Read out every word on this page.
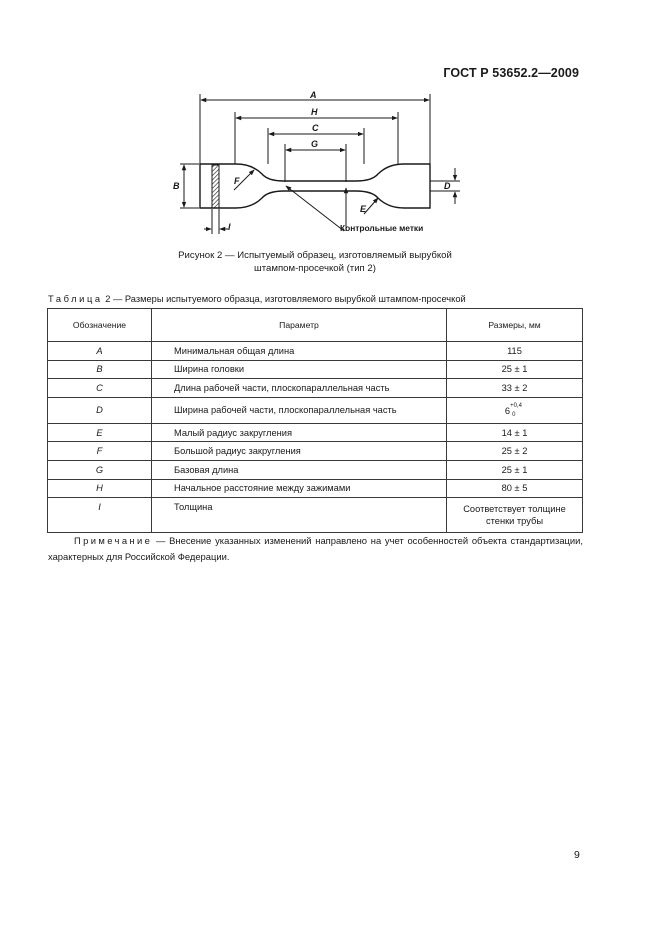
ГОСТ Р 53652.2—2009
A
H
C
G
B	F
E
D
I	Контрольные метки
Рисунок 2 — Испытуемый образец, изготовляемый вырубкой
штампом-просечкой (тип 2)
Таблица 2 — Размеры испытуемого образца, изготовляемого вырубкой штампом-просечкой
Обозначение	Параметр	Размеры, мм
A	Минимальная общая длина	115
B	Ширина головки	25 ± 1
C	Длина рабочей части, плоскопараллельная часть	33 ± 2
D	Ширина рабочей части, плоскопараллельная часть	6 +0,4
0

E	Малый радиус закругления	14 ± 1
F	Большой радиус закругления	25 ± 2
G	Базовая длина	25 ± 1
H	Начальное расстояние между зажимами	80 ± 5
I	Толщина	Соответствует толщине
стенки трубы
Примечание — Внесение указанных изменений направлено на учет особенностей объекта стандартизации, характерных для Российской Федерации.
9
